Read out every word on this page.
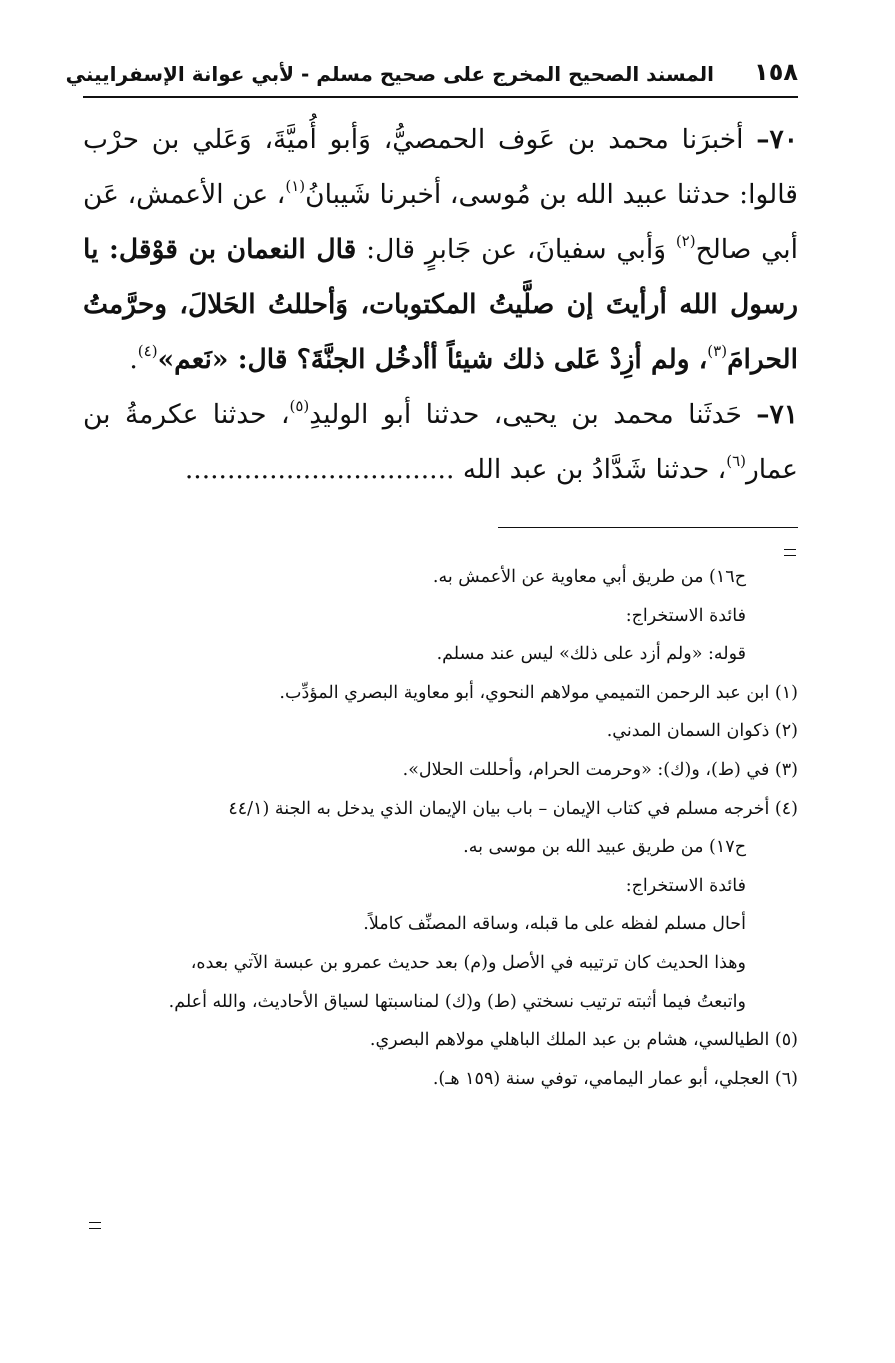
١٥٨
المسند الصحيح المخرج على صحيح مسلم - لأبي عوانة الإسفراييني

٧٠– أخبرَنا محمد بن عَوف الحمصيُّ، وَأبو أُميَّةَ، وَعَلي بن حرْب قالوا: حدثنا عبيد الله بن مُوسى، أخبرنا شَيبانُ$^{(١)}$، عن الأعمش، عَن أبي صالح$^{(٢)}$ وَأبي سفيانَ، عن جَابرٍ قال: قال النعمان بن قوْقل: يا رسول الله أرأيتَ إن صلَّيتُ المكتوبات، وَأحللتُ الحَلالَ، وحرَّمتُ الحرامَ$^{(٣)}$، ولم أزِدْ عَلى ذلك شيئاً أأدخُل الجنَّةَ؟ قال: «نَعم»$^{(٤)}$.

٧١– حَدثَنا محمد بن يحيى، حدثنا أبو الوليدِ$^{(٥)}$، حدثنا عكرمةُ بن عمار$^{(٦)}$، حدثنا شَدَّادُ بن عبد الله ................................

ح١٦) من طريق أبي معاوية عن الأعمش به.

فائدة الاستخراج:

قوله: «ولم أزد على ذلك» ليس عند مسلم.

(١) ابن عبد الرحمن التميمي مولاهم النحوي، أبو معاوية البصري المؤدِّب.

(٢) ذكوان السمان المدني.

(٣) في (ط)، و(ك): «وحرمت الحرام، وأحللت الحلال».

(٤) أخرجه مسلم في كتاب الإيمان – باب بيان الإيمان الذي يدخل به الجنة (٤٤/١

ح١٧) من طريق عبيد الله بن موسى به.

فائدة الاستخراج:

أحال مسلم لفظه على ما قبله، وساقه المصنِّف كاملاً.

وهذا الحديث كان ترتيبه في الأصل و(م) بعد حديث عمرو بن عبسة الآتي بعده،

واتبعتُ فيما أثبته ترتيب نسختي (ط) و(ك) لمناسبتها لسياق الأحاديث، والله أعلم.

(٥) الطيالسي، هشام بن عبد الملك الباهلي مولاهم البصري.

(٦) العجلي، أبو عمار اليمامي، توفي سنة (١٥٩ هـ).
